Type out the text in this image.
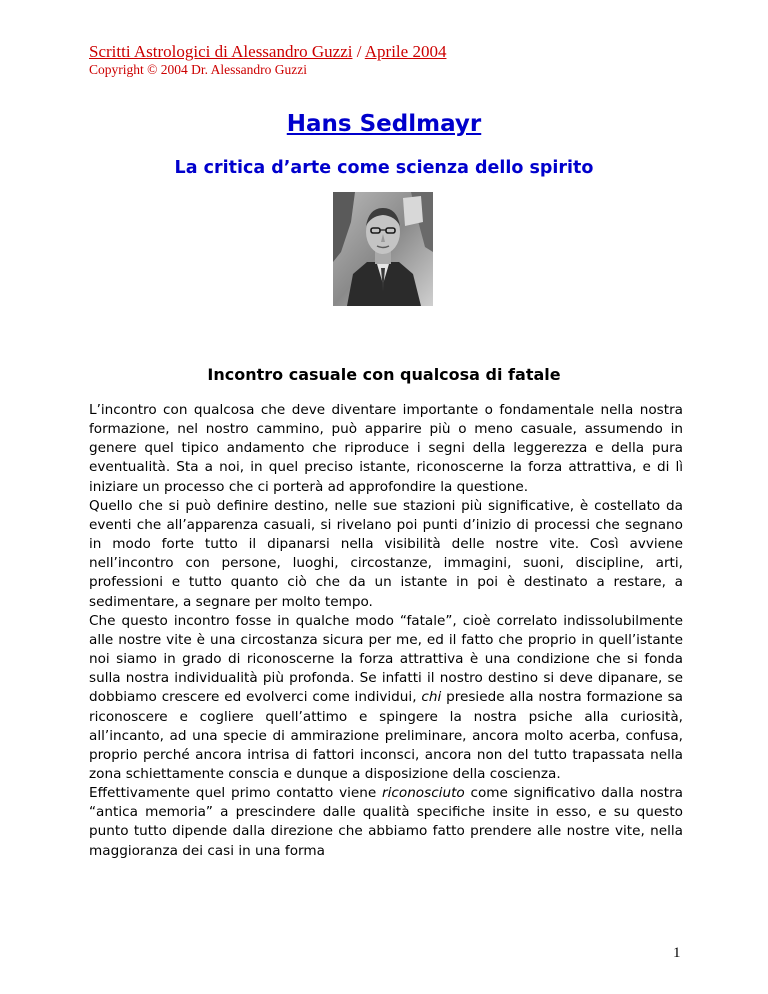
Scritti Astrologici di Alessandro Guzzi / Aprile 2004
Copyright © 2004 Dr. Alessandro Guzzi
Hans Sedlmayr
La critica d’arte come scienza dello spirito
Incontro casuale con qualcosa di fatale

L’incontro con qualcosa che deve diventare importante o fondamentale nella nostra formazione, nel nostro cammino, può apparire più o meno casuale, assumendo in genere quel tipico andamento che riproduce i segni della leggerezza e della pura eventualità. Sta a noi, in quel preciso istante, riconoscerne la forza attrattiva, e di lì iniziare un processo che ci porterà ad approfondire la questione.

Quello che si può definire destino, nelle sue stazioni più significative, è costellato da eventi che all’apparenza casuali, si rivelano poi punti d’inizio di processi che segnano in modo forte tutto il dipanarsi nella visibilità delle nostre vite. Così avviene nell’incontro con persone, luoghi, circostanze, immagini, suoni, discipline, arti, professioni e tutto quanto ciò che da un istante in poi è destinato a restare, a sedimentare, a segnare per molto tempo.

Che questo incontro fosse in qualche modo “fatale”, cioè correlato indissolubilmente alle nostre vite è una circostanza sicura per me, ed il fatto che proprio in quell’istante noi siamo in grado di riconoscerne la forza attrattiva è una condizione che si fonda sulla nostra individualità più profonda. Se infatti il nostro destino si deve dipanare, se dobbiamo crescere ed evolverci come individui, chi presiede alla nostra formazione sa riconoscere e cogliere quell’attimo e spingere la nostra psiche alla curiosità, all’incanto, ad una specie di ammirazione preliminare, ancora molto acerba, confusa, proprio perché ancora intrisa di fattori inconsci, ancora non del tutto trapassata nella zona schiettamente conscia e dunque a disposizione della coscienza.

Effettivamente quel primo contatto viene riconosciuto come significativo dalla nostra “antica memoria” a prescindere dalle qualità specifiche insite in esso, e su questo punto tutto dipende dalla direzione che abbiamo fatto prendere alle nostre vite, nella maggioranza dei casi in una forma

1
